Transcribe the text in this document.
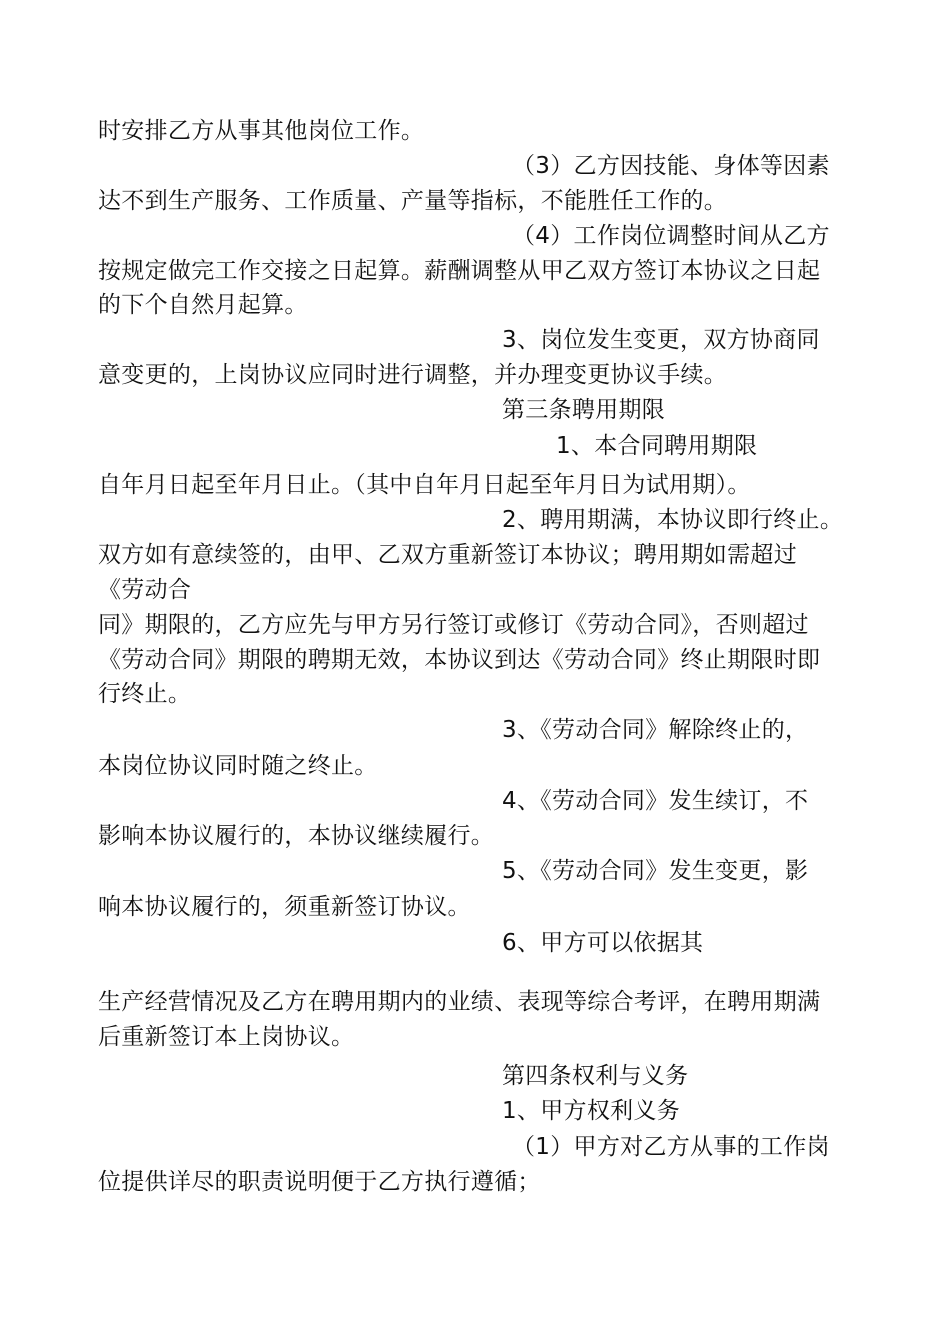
时安排乙方从事其他岗位工作。
（3）乙方因技能、身体等因素
达不到生产服务、工作质量、产量等指标，不能胜任工作的。
（4）工作岗位调整时间从乙方
按规定做完工作交接之日起算。薪酬调整从甲乙双方签订本协议之日起
的下个自然月起算。
3、岗位发生变更，双方协商同
意变更的，上岗协议应同时进行调整，并办理变更协议手续。
第三条聘用期限
1、本合同聘用期限
自年月日起至年月日止。（其中自年月日起至年月日为试用期）。
2、聘用期满，本协议即行终止。
双方如有意续签的，由甲、乙双方重新签订本协议；聘用期如需超过
《劳动合
同》期限的，乙方应先与甲方另行签订或修订《劳动合同》，否则超过
《劳动合同》期限的聘期无效，本协议到达《劳动合同》终止期限时即
行终止。
3、《劳动合同》解除终止的，
本岗位协议同时随之终止。
4、《劳动合同》发生续订，不
影响本协议履行的，本协议继续履行。
5、《劳动合同》发生变更，影
响本协议履行的，须重新签订协议。
6、甲方可以依据其
生产经营情况及乙方在聘用期内的业绩、表现等综合考评，在聘用期满
后重新签订本上岗协议。
第四条权利与义务
1、甲方权利义务
（1）甲方对乙方从事的工作岗
位提供详尽的职责说明便于乙方执行遵循；
